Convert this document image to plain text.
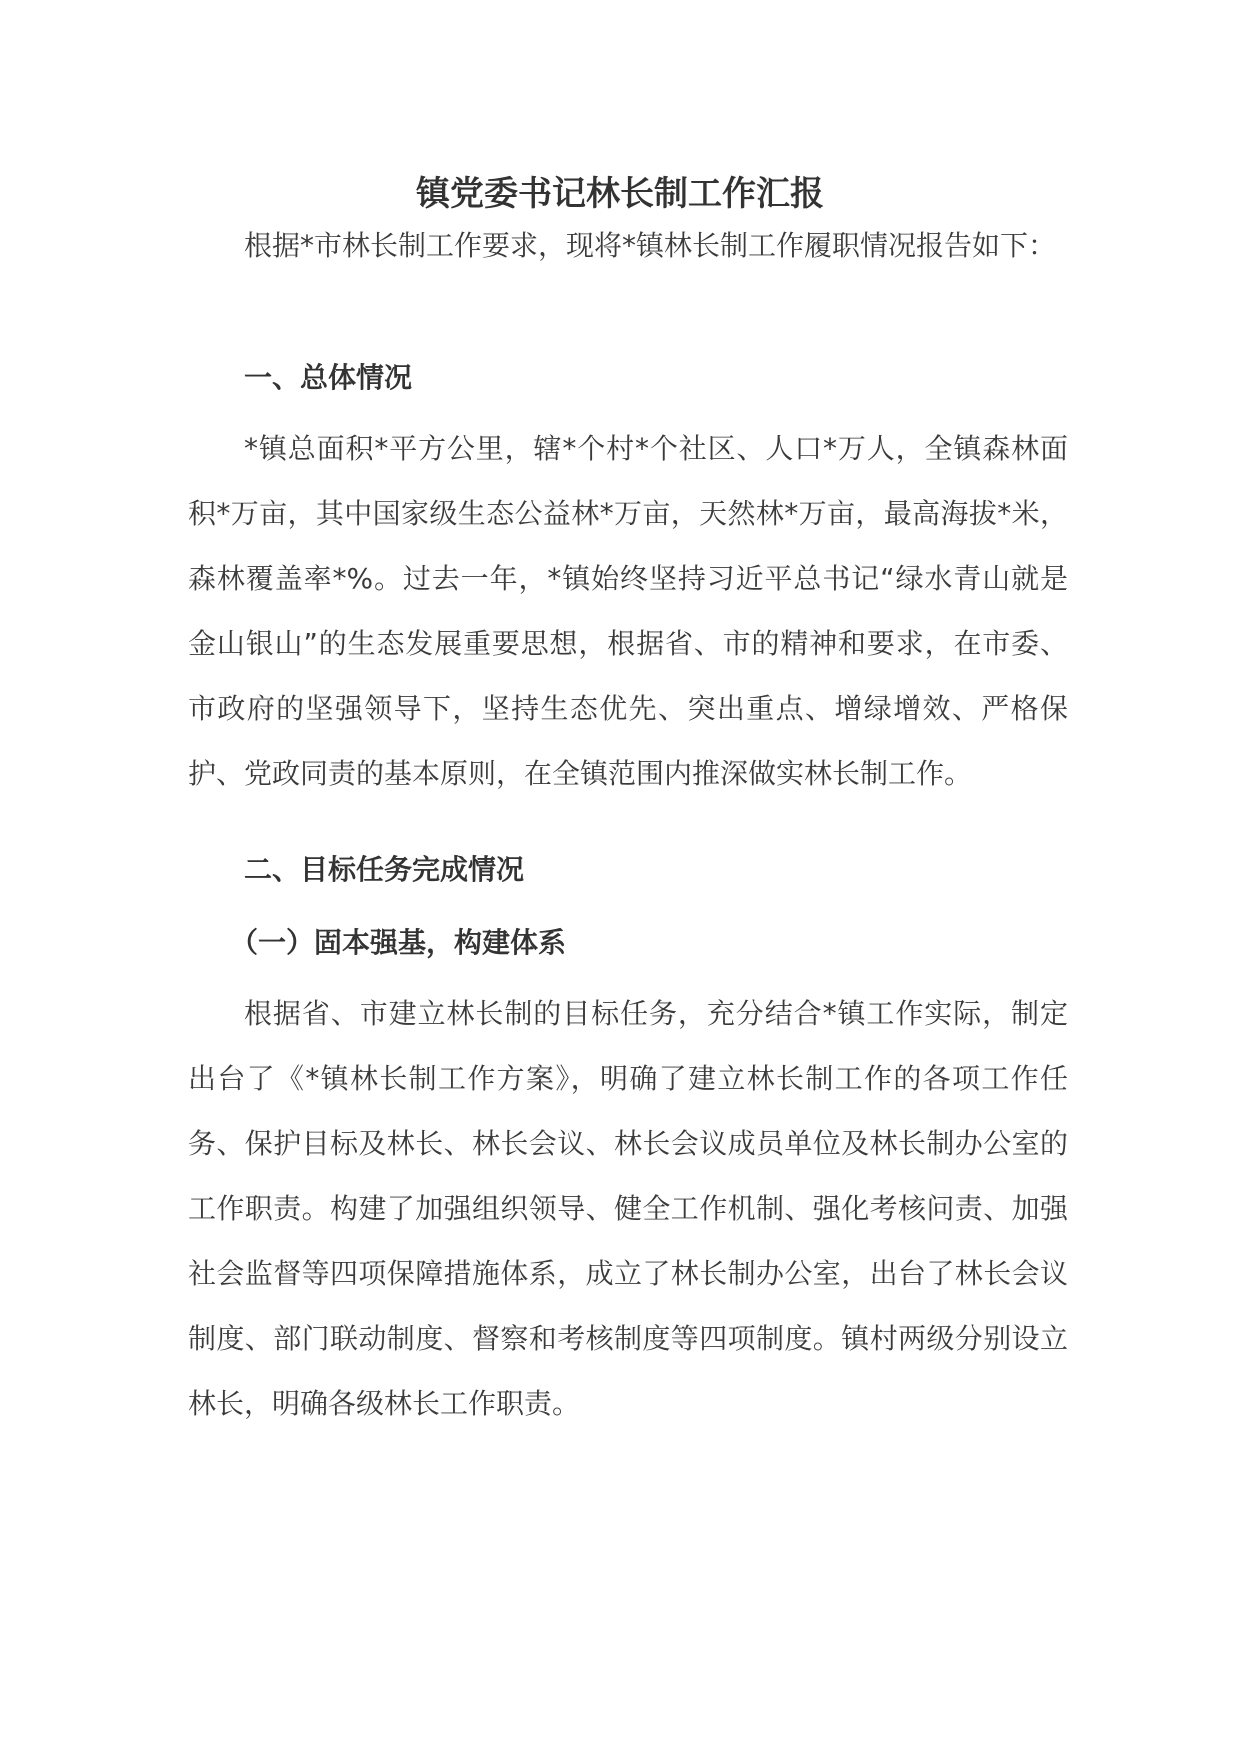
镇党委书记林长制工作汇报

根据*市林长制工作要求，现将*镇林长制工作履职情况报告如下：

一、总体情况

*镇总面积*平方公里，辖*个村*个社区、人口*万人，全镇森林面积*万亩，其中国家级生态公益林*万亩，天然林*万亩，最高海拔*米，森林覆盖率*%。过去一年，*镇始终坚持习近平总书记“绿水青山就是金山银山”的生态发展重要思想，根据省、市的精神和要求，在市委、市政府的坚强领导下，坚持生态优先、突出重点、增绿增效、严格保护、党政同责的基本原则，在全镇范围内推深做实林长制工作。

二、目标任务完成情况
（一）固本强基，构建体系

根据省、市建立林长制的目标任务，充分结合*镇工作实际，制定出台了《*镇林长制工作方案》，明确了建立林长制工作的各项工作任务、保护目标及林长、林长会议、林长会议成员单位及林长制办公室的工作职责。构建了加强组织领导、健全工作机制、强化考核问责、加强社会监督等四项保障措施体系，成立了林长制办公室，出台了林长会议制度、部门联动制度、督察和考核制度等四项制度。镇村两级分别设立林长，明确各级林长工作职责。
